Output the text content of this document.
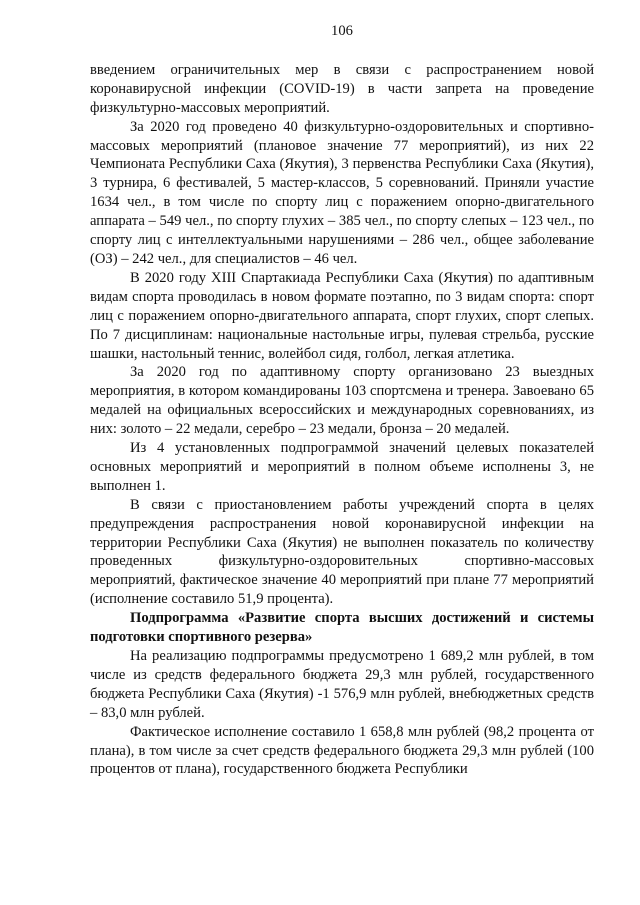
106

введением ограничительных мер в связи с распространением новой коронавирусной инфекции (COVID-19) в части запрета на проведение физкультурно-массовых мероприятий.

За 2020 год проведено 40 физкультурно-оздоровительных и спортивно-массовых мероприятий (плановое значение 77 мероприятий), из них 22 Чемпионата Республики Саха (Якутия), 3 первенства Республики Саха (Якутия), 3 турнира, 6 фестивалей, 5 мастер-классов, 5 соревнований. Приняли участие 1634 чел., в том числе по спорту лиц с поражением опорно-двигательного аппарата – 549 чел., по спорту глухих – 385 чел., по спорту слепых – 123 чел., по спорту лиц с интеллектуальными нарушениями – 286 чел., общее заболевание (ОЗ) – 242 чел., для специалистов – 46 чел.

В 2020 году XIII Спартакиада Республики Саха (Якутия) по адаптивным видам спорта проводилась в новом формате поэтапно, по 3 видам спорта: спорт лиц с поражением опорно-двигательного аппарата, спорт глухих, спорт слепых. По 7 дисциплинам: национальные настольные игры, пулевая стрельба, русские шашки, настольный теннис, волейбол сидя, голбол, легкая атлетика.

За 2020 год по адаптивному спорту организовано 23 выездных мероприятия, в котором командированы 103 спортсмена и тренера. Завоевано 65 медалей на официальных всероссийских и международных соревнованиях, из них: золото – 22 медали, серебро – 23 медали, бронза – 20 медалей.

Из 4 установленных подпрограммой значений целевых показателей основных мероприятий и мероприятий в полном объеме исполнены 3, не выполнен 1.

В связи с приостановлением работы учреждений спорта в целях предупреждения распространения новой коронавирусной инфекции на территории Республики Саха (Якутия) не выполнен показатель по количеству проведенных физкультурно-оздоровительных спортивно-массовых мероприятий, фактическое значение 40 мероприятий при плане 77 мероприятий (исполнение составило 51,9 процента).

Подпрограмма «Развитие спорта высших достижений и системы подготовки спортивного резерва»

На реализацию подпрограммы предусмотрено 1 689,2 млн рублей, в том числе из средств федерального бюджета 29,3 млн рублей, государственного бюджета Республики Саха (Якутия) -1 576,9 млн рублей, внебюджетных средств – 83,0 млн рублей.

Фактическое исполнение составило 1 658,8 млн рублей (98,2 процента от плана), в том числе за счет средств федерального бюджета 29,3 млн рублей (100 процентов от плана), государственного бюджета Республики
